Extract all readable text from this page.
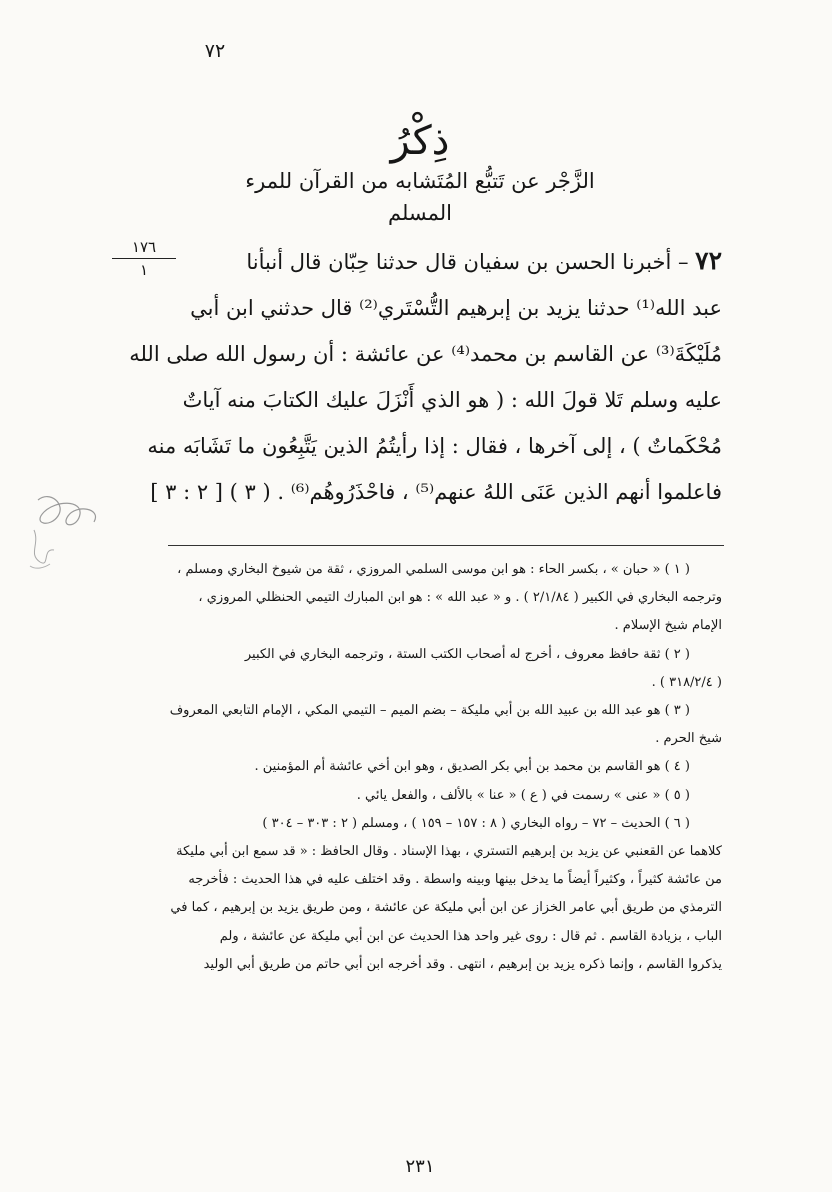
٧٢
ذِكْرُ
الزَّجْر عن تَتبُّع المُتَشابه من القرآن للمرء المسلم
١٧٦
١	٧٢ – أخبرنا الحسن بن سفيان قال حدثنا حِبّان قال أنبأنا
عبد الله⁽¹⁾ حدثنا يزيد بن إبرهيم التُّسْتَري⁽²⁾ قال حدثني ابن أبي
مُلَيْكَةَ⁽³⁾ عن القاسم بن محمد⁽⁴⁾ عن عائشة : أن رسول الله صلى الله
عليه وسلم تَلا قولَ الله : ( هو الذي أَنْزَلَ عليك الكتابَ منه آياتٌ
مُحْكَماتٌ ) ، إلى آخرها ، فقال : إذا رأيتُمُ الذين يَتَّبِعُون ما تَشَابَه منه
فاعلموا أنهم الذين عَنَى اللهُ عنهم⁽⁵⁾ ، فاحْذَرُوهُم⁽⁶⁾ . ( ٣ ) [ ٢ : ٣ ]
( ١ ) « حبان » ، بكسر الحاء : هو ابن موسى السلمي المروزي ، ثقة من شيوخ البخاري ومسلم ،
وترجمه البخاري في الكبير ( ٢/١/٨٤ ) . و « عبد الله » : هو ابن المبارك التيمي الحنظلي المروزي ،
الإمام شيخ الإسلام .
( ٢ ) ثقة حافظ معروف ، أخرج له أصحاب الكتب الستة ، وترجمه البخاري في الكبير
( ٣١٨/٢/٤ ) .
( ٣ ) هو عبد الله بن عبيد الله بن أبي مليكة – بضم الميم – التيمي المكي ، الإمام التابعي المعروف
شيخ الحرم .
( ٤ ) هو القاسم بن محمد بن أبي بكر الصديق ، وهو ابن أخي عائشة أم المؤمنين .
( ٥ ) « عنى » رسمت في ( ع ) « عنا » بالألف ، والفعل يائي .
( ٦ ) الحديث – ٧٢ – رواه البخاري ( ٨ : ١٥٧ – ١٥٩ ) ، ومسلم ( ٢ : ٣٠٣ – ٣٠٤ )
كلاهما عن القعنبي عن يزيد بن إبرهيم التستري ، بهذا الإسناد . وقال الحافظ : « قد سمع ابن أبي مليكة
من عائشة كثيراً ، وكثيراً أيضاً ما يدخل بينها وبينه واسطة . وقد اختلف عليه في هذا الحديث : فأخرجه
الترمذي من طريق أبي عامر الخزاز عن ابن أبي مليكة عن عائشة ، ومن طريق يزيد بن إبرهيم ، كما في
الباب ، بزيادة القاسم . ثم قال : روى غير واحد هذا الحديث عن ابن أبي مليكة عن عائشة ، ولم
يذكروا القاسم ، وإنما ذكره يزيد بن إبرهيم ، انتهى . وقد أخرجه ابن أبي حاتم من طريق أبي الوليد
٢٣١
